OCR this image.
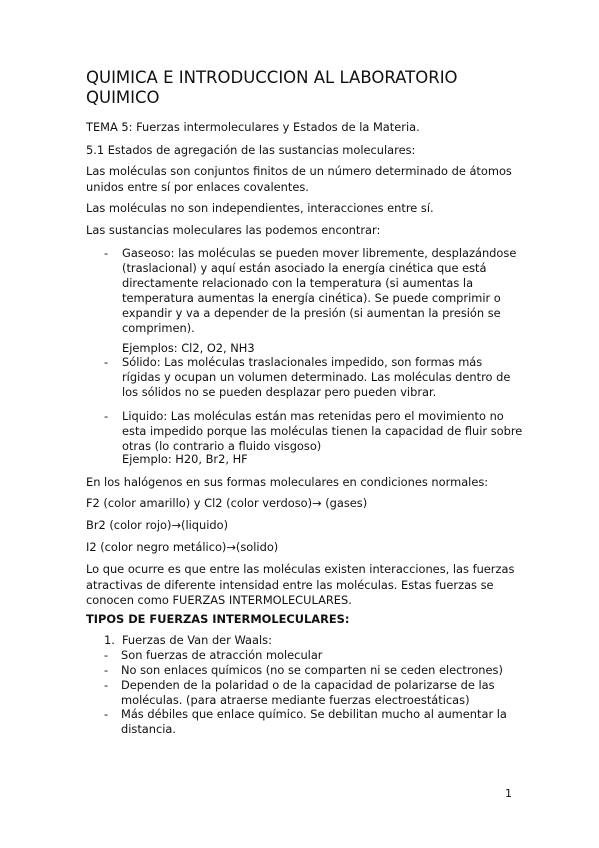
QUIMICA E INTRODUCCION AL LABORATORIO QUIMICO

TEMA 5: Fuerzas intermoleculares y Estados de la Materia.

5.1 Estados de agregación de las sustancias moleculares:

Las moléculas son conjuntos finitos de un número determinado de átomos unidos entre sí por enlaces covalentes.

Las moléculas no son independientes, interacciones entre sí.

Las sustancias moleculares las podemos encontrar:

-	Gaseoso: las moléculas se pueden mover libremente, desplazándose (traslacional) y aquí están asociado la energía cinética que está directamente relacionado con la temperatura (si aumentas la temperatura aumentas la energía cinética). Se puede comprimir o expandir y va a depender de la presión (si aumentan la presión se comprimen).
Ejemplos: Cl2, O2, NH3
-	Sólido: Las moléculas traslacionales impedido, son formas más rígidas y ocupan un volumen determinado. Las moléculas dentro de los sólidos no se pueden desplazar pero pueden vibrar.
-	Liquido: Las moléculas están mas retenidas pero el movimiento no esta impedido porque las moléculas tienen la capacidad de fluir sobre otras (lo contrario a fluido visgoso)
Ejemplo: H20, Br2, HF

En los halógenos en sus formas moleculares en condiciones normales:

F2 (color amarillo) y Cl2 (color verdoso)→ (gases)

Br2 (color rojo)→(liquido)

I2 (color negro metálico)→(solido)

Lo que ocurre es que entre las moléculas existen interacciones, las fuerzas atractivas de diferente intensidad entre las moléculas. Estas fuerzas se conocen como FUERZAS INTERMOLECULARES.

TIPOS DE FUERZAS INTERMOLECULARES:

1. Fuerzas de Van der Waals:
-	Son fuerzas de atracción molecular
-	No son enlaces químicos (no se comparten ni se ceden electrones)
-	Dependen de la polaridad o de la capacidad de polarizarse de las moléculas. (para atraerse mediante fuerzas electroestáticas)
-	Más débiles que enlace químico. Se debilitan mucho al aumentar la distancia.
1
